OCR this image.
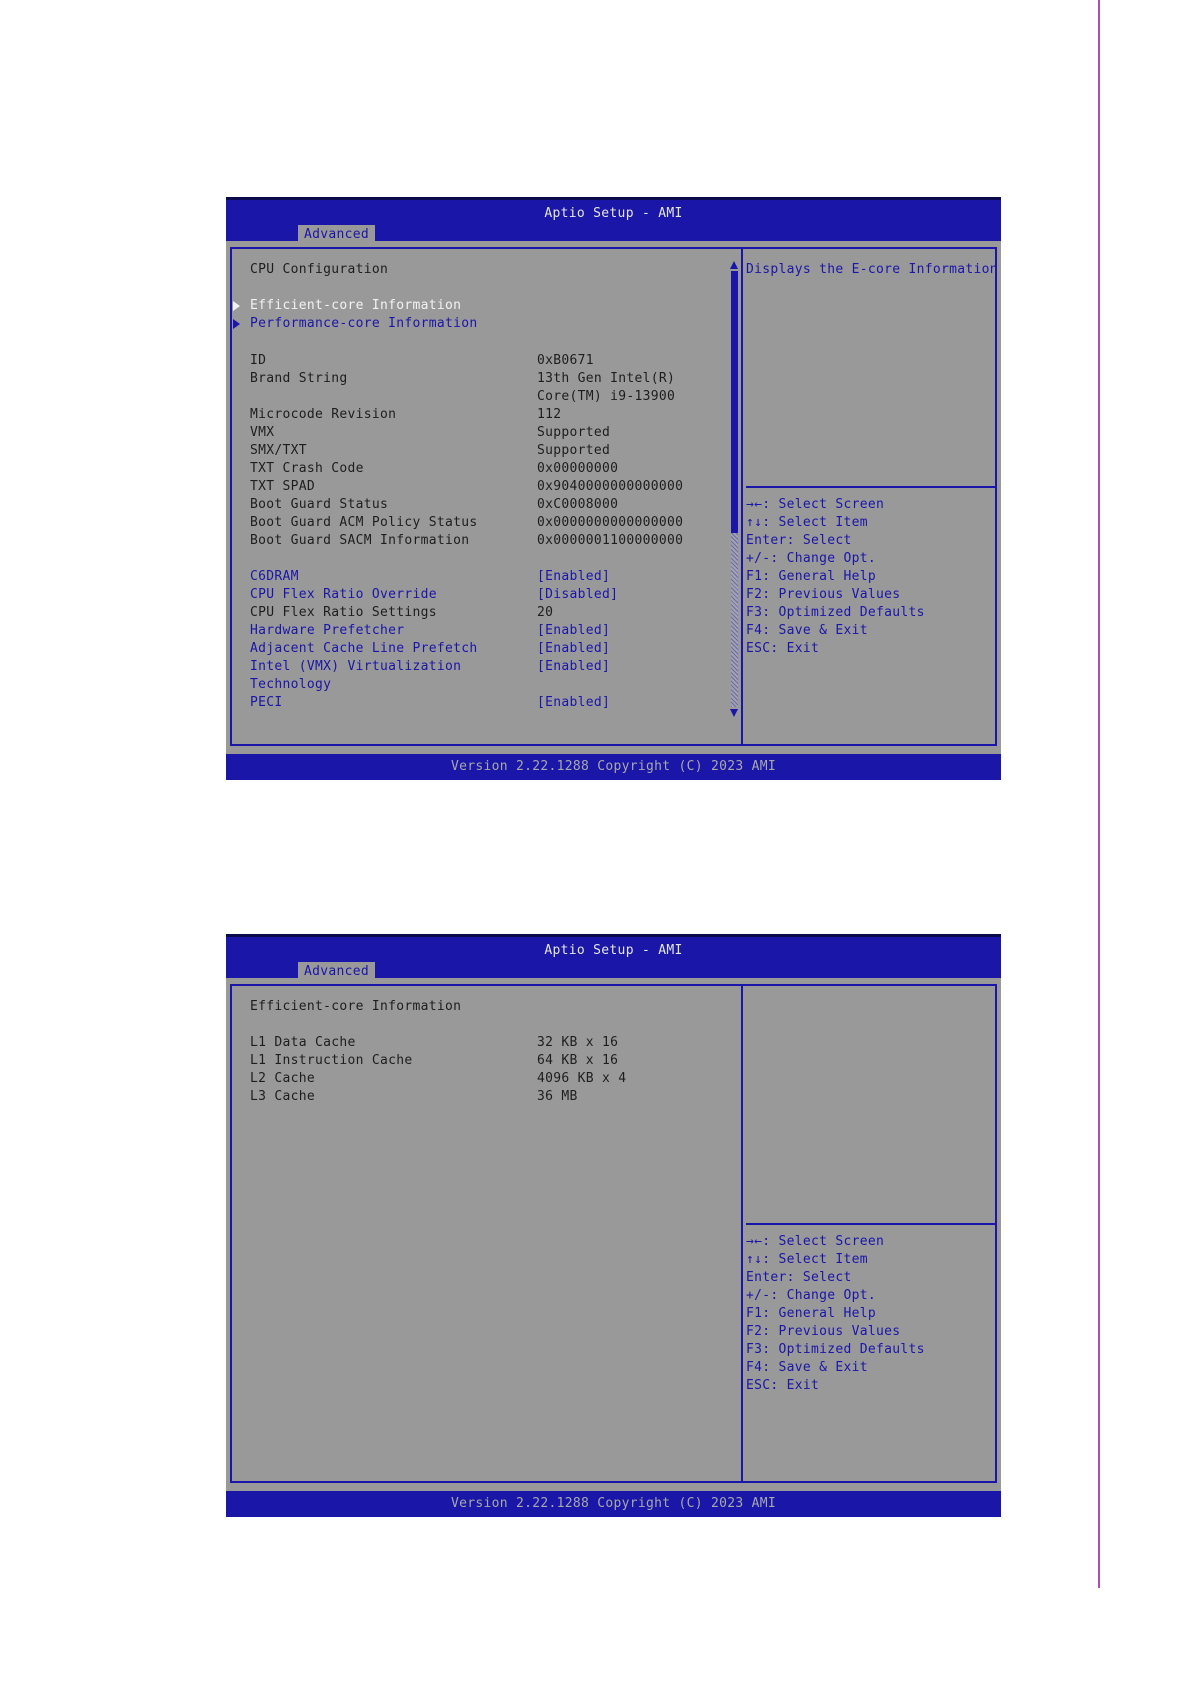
Aptio Setup - AMI
Advanced
CPU Configuration
Efficient-core Information
Performance-core Information
ID	0xB0671
Brand String	13th Gen Intel(R)
Core(TM) i9-13900
Microcode Revision	112
VMX	Supported
SMX/TXT	Supported
TXT Crash Code	0x00000000
TXT SPAD	0x9040000000000000
Boot Guard Status	0xC0008000
Boot Guard ACM Policy Status	0x0000000000000000
Boot Guard SACM Information	0x0000001100000000
C6DRAM	[Enabled]
CPU Flex Ratio Override	[Disabled]
CPU Flex Ratio Settings	20
Hardware Prefetcher	[Enabled]
Adjacent Cache Line Prefetch	[Enabled]
Intel (VMX) Virtualization	[Enabled]
Technology
PECI	[Enabled]
Displays the E-core Information
→←: Select Screen
↑↓: Select Item
Enter: Select
+/-: Change Opt.
F1: General Help
F2: Previous Values
F3: Optimized Defaults
F4: Save & Exit
ESC: Exit
Version 2.22.1288 Copyright (C) 2023 AMI
Aptio Setup - AMI
Advanced
Efficient-core Information
L1 Data Cache	32 KB x 16
L1 Instruction Cache	64 KB x 16
L2 Cache	4096 KB x 4
L3 Cache	36 MB
→←: Select Screen
↑↓: Select Item
Enter: Select
+/-: Change Opt.
F1: General Help
F2: Previous Values
F3: Optimized Defaults
F4: Save & Exit
ESC: Exit
Version 2.22.1288 Copyright (C) 2023 AMI
